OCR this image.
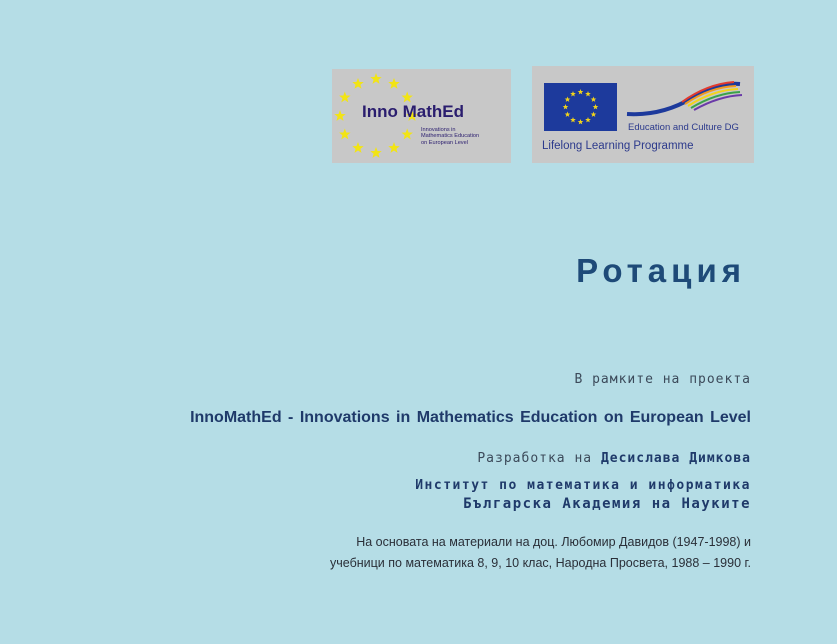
Inno MathEd
Innovations in
Mathematics Education
on European Level
Education and Culture DG
Lifelong Learning Programme
Ротация
В рамките на проекта
InnoMathEd - Innovations in Mathematics Education on European Level
Разработка на Десислава Димкова
Институт по математика и информатика
Българска Академия на Науките
На основата на материали на доц. Любомир Давидов (1947-1998) и
учебници по математика 8, 9, 10 клас, Народна Просвета, 1988 – 1990 г.
